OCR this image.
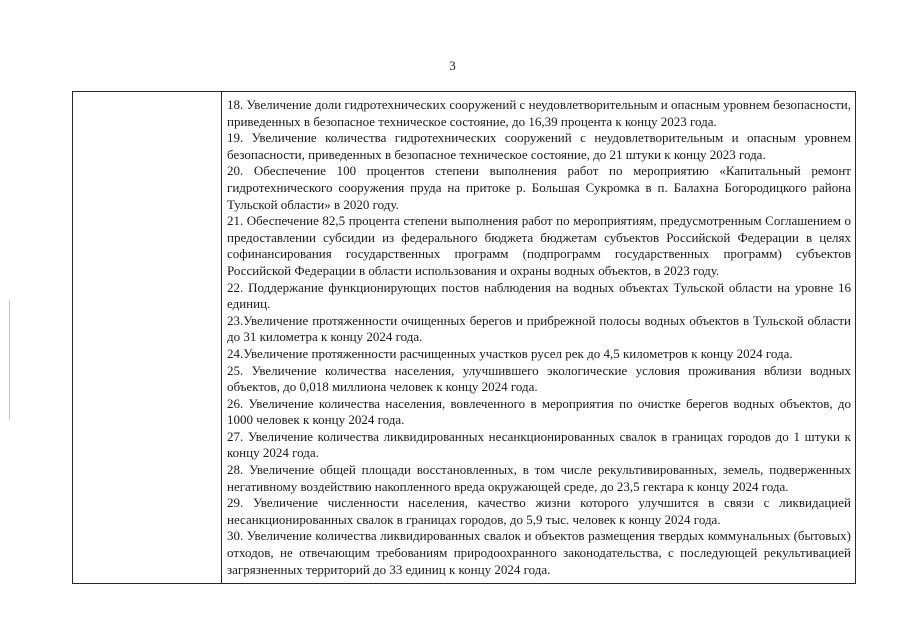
3

18. Увеличение доли гидротехнических сооружений с неудовлетворительным и опасным уровнем безопасности, приведенных в безопасное техническое состояние, до 16,39 процента к концу 2023 года.

19. Увеличение количества гидротехнических сооружений с неудовлетворительным и опасным уровнем безопасности, приведенных в безопасное техническое состояние, до 21 штуки к концу 2023 года.

20. Обеспечение 100 процентов степени выполнения работ по мероприятию «Капитальный ремонт гидротехнического сооружения пруда на притоке р. Большая Сукромка в п. Балахна Богородицкого района Тульской области» в 2020 году.

21. Обеспечение 82,5 процента степени выполнения работ по мероприятиям, предусмотренным Соглашением о предоставлении субсидии из федерального бюджета бюджетам субъектов Российской Федерации в целях софинансирования государственных программ (подпрограмм государственных программ) субъектов Российской Федерации в области использования и охраны водных объектов, в 2023 году.

22. Поддержание функционирующих постов наблюдения на водных объектах Тульской области на уровне 16 единиц.

23.Увеличение протяженности очищенных берегов и прибрежной полосы водных объектов в Тульской области до 31 километра к концу 2024 года.

24.Увеличение протяженности расчищенных участков русел рек до 4,5 километров к концу 2024 года.

25. Увеличение количества населения, улучшившего экологические условия проживания вблизи водных объектов, до 0,018 миллиона человек к концу 2024 года.

26. Увеличение количества населения, вовлеченного в мероприятия по очистке берегов водных объектов, до 1000 человек к концу 2024 года.

27. Увеличение количества ликвидированных несанкционированных свалок в границах городов до 1 штуки к концу 2024 года.

28. Увеличение общей площади восстановленных, в том числе рекультивированных, земель, подверженных негативному воздействию накопленного вреда окружающей среде, до 23,5 гектара к концу 2024 года.

29. Увеличение численности населения, качество жизни которого улучшится в связи с ликвидацией несанкционированных свалок в границах городов, до 5,9 тыс. человек к концу 2024 года.

30. Увеличение количества ликвидированных свалок и объектов размещения твердых коммунальных (бытовых) отходов, не отвечающим требованиям природоохранного законодательства, с последующей рекультивацией загрязненных территорий до 33 единиц к концу 2024 года.
